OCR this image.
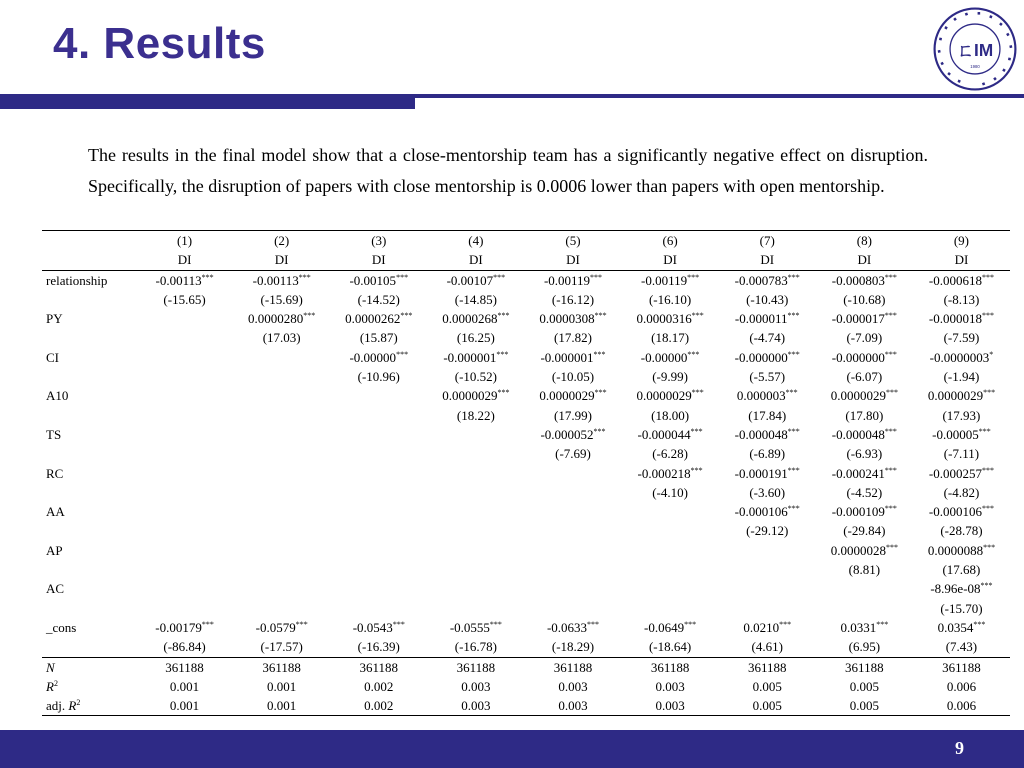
4. Results	ㄈIM
1980

The results in the final model show that a close-mentorship team has a significantly negative effect on disruption. Specifically, the disruption of papers with close mentorship is 0.0006 lower than papers with open mentorship.

	(1)	(2)	(3)	(4)	(5)	(6)	(7)	(8)	(9)
	DI	DI	DI	DI	DI	DI	DI	DI	DI
relationship	-0.00113***	-0.00113***	-0.00105***	-0.00107***	-0.00119***	-0.00119***	-0.000783***	-0.000803***	-0.000618***
	(-15.65)	(-15.69)	(-14.52)	(-14.85)	(-16.12)	(-16.10)	(-10.43)	(-10.68)	(-8.13)
PY		0.0000280***	0.0000262***	0.0000268***	0.0000308***	0.0000316***	-0.000011***	-0.000017***	-0.000018***
		(17.03)	(15.87)	(16.25)	(17.82)	(18.17)	(-4.74)	(-7.09)	(-7.59)
CI			-0.00000***	-0.000001***	-0.000001***	-0.00000***	-0.000000***	-0.000000***	-0.0000003*
			(-10.96)	(-10.52)	(-10.05)	(-9.99)	(-5.57)	(-6.07)	(-1.94)
A10				0.0000029***	0.0000029***	0.0000029***	0.000003***	0.0000029***	0.0000029***
				(18.22)	(17.99)	(18.00)	(17.84)	(17.80)	(17.93)
TS					-0.000052***	-0.000044***	-0.000048***	-0.000048***	-0.00005***
					(-7.69)	(-6.28)	(-6.89)	(-6.93)	(-7.11)
RC						-0.000218***	-0.000191***	-0.000241***	-0.000257***
						(-4.10)	(-3.60)	(-4.52)	(-4.82)
AA							-0.000106***	-0.000109***	-0.000106***
							(-29.12)	(-29.84)	(-28.78)
AP								0.0000028***	0.0000088***
								(8.81)	(17.68)
AC									-8.96e-08***
									(-15.70)
_cons	-0.00179***	-0.0579***	-0.0543***	-0.0555***	-0.0633***	-0.0649***	0.0210***	0.0331***	0.0354***
	(-86.84)	(-17.57)	(-16.39)	(-16.78)	(-18.29)	(-18.64)	(4.61)	(6.95)	(7.43)
N	361188	361188	361188	361188	361188	361188	361188	361188	361188
$R^2$	0.001	0.001	0.002	0.003	0.003	0.003	0.005	0.005	0.006
adj. $R^2$	0.001	0.001	0.002	0.003	0.003	0.003	0.005	0.005	0.006
9
